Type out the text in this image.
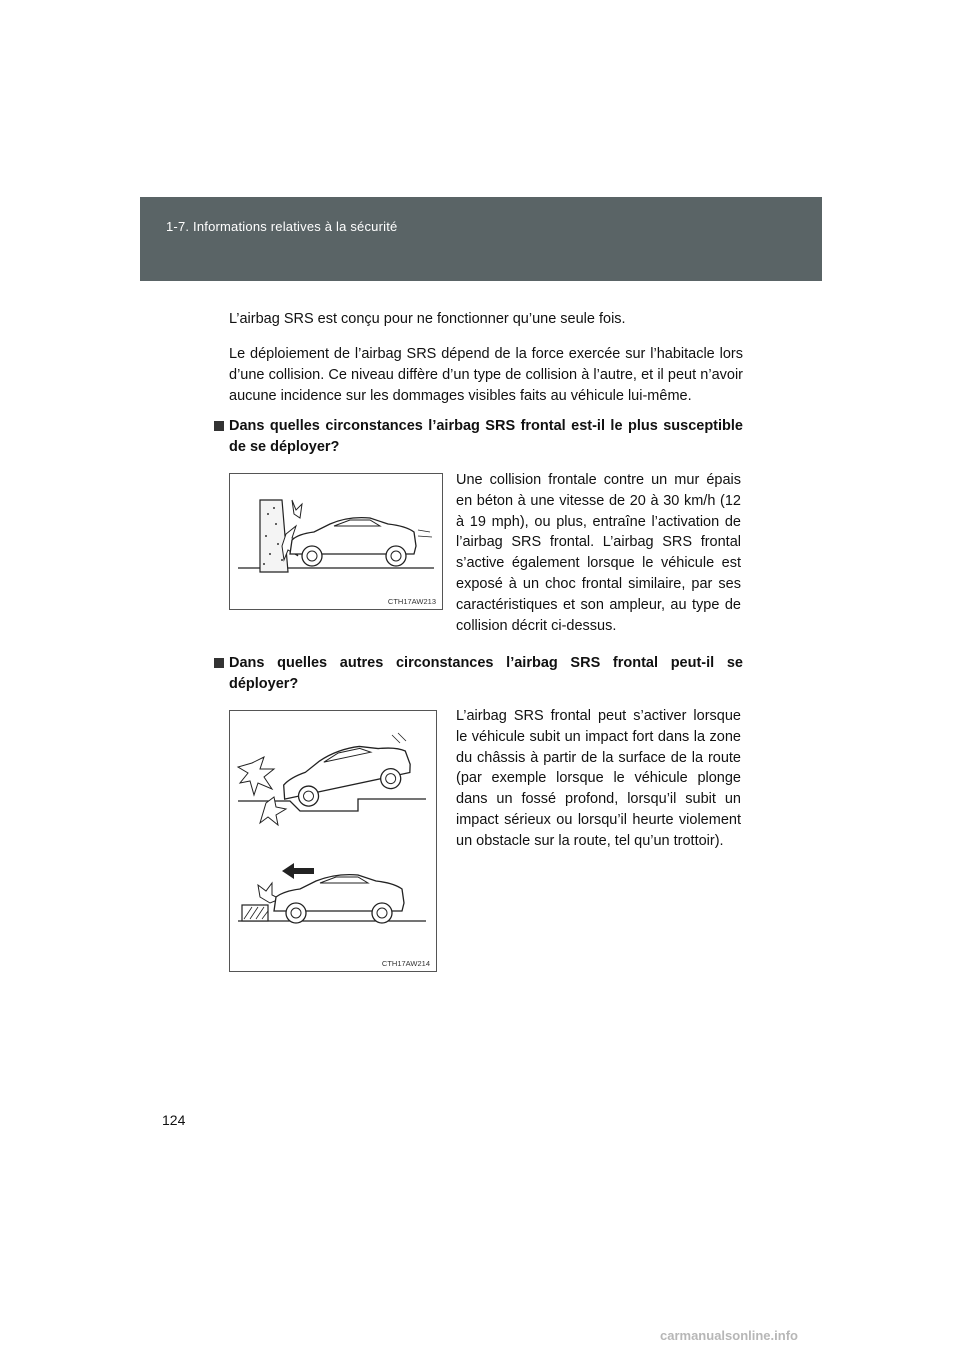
1-7. Informations relatives à la sécurité
L’airbag SRS est conçu pour ne fonctionner qu’une seule fois.
Le déploiement de l’airbag SRS dépend de la force exercée sur l’habitacle lors d’une collision. Ce niveau diffère d’un type de collision à l’autre, et il peut n’avoir aucune incidence sur les dommages visibles faits au véhicule lui-même.
Dans quelles circonstances l’airbag SRS frontal est-il le plus susceptible de se déployer?
CTH17AW213
Une collision frontale contre un mur épais en béton à une vitesse de 20 à 30 km/h (12 à 19 mph), ou plus, entraîne l’activation de l’airbag SRS frontal. L’airbag SRS frontal s’active également lorsque le véhicule est exposé à un choc frontal similaire, par ses caractéristiques et son ampleur, au type de collision décrit ci-dessus.
Dans quelles autres circonstances l’airbag SRS frontal peut-il se déployer?
CTH17AW214
L’airbag SRS frontal peut s’activer lorsque le véhicule subit un impact fort dans la zone du châssis à partir de la surface de la route (par exemple lorsque le véhicule plonge dans un fossé profond, lorsqu’il subit un impact sérieux ou lorsqu’il heurte violement un obstacle sur la route, tel qu’un trottoir).
124
carmanualsonline.info
